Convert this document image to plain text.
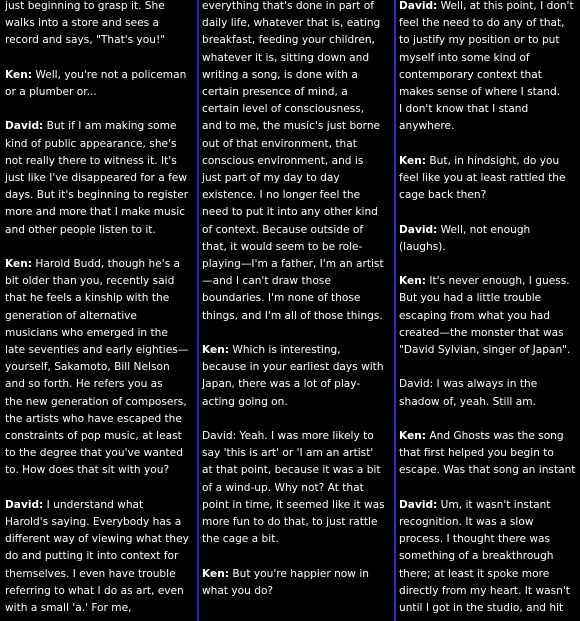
just beginning to grasp it. She
walks into a store and sees a
record and says, "That's you!"
Ken: Well, you're not a policeman
or a plumber or...
David: But if I am making some
kind of public appearance, she's
not really there to witness it. It's
just like I've disappeared for a few
days. But it's beginning to register
more and more that I make music
and other people listen to it.
Ken: Harold Budd, though he's a
bit older than you, recently said
that he feels a kinship with the
generation of alternative
musicians who emerged in the
late seventies and early eighties—
yourself, Sakamoto, Bill Nelson
and so forth. He refers you as
the new generation of composers,
the artists who have escaped the
constraints of pop music, at least
to the degree that you've wanted
to. How does that sit with you?
David: I understand what
Harold's saying. Everybody has a
different way of viewing what they
do and putting it into context for
themselves. I even have trouble
referring to what I do as art, even
with a small 'a.' For me,
everything that's done in part of
daily life, whatever that is, eating
breakfast, feeding your children,
whatever it is, sitting down and
writing a song, is done with a
certain presence of mind, a
certain level of consciousness,
and to me, the music's just borne
out of that environment, that
conscious environment, and is
just part of my day to day
existence. I no longer feel the
need to put it into any other kind
of context. Because outside of
that, it would seem to be role-
playing—I'm a father, I'm an artist
—and I can't draw those
boundaries. I'm none of those
things, and I'm all of those things.
Ken: Which is interesting,
because in your earliest days with
Japan, there was a lot of play-
acting going on.
David: Yeah. I was more likely to
say 'this is art' or 'I am an artist'
at that point, because it was a bit
of a wind-up. Why not? At that
point in time, it seemed like it was
more fun to do that, to just rattle
the cage a bit.
Ken: But you're happier now in
what you do?
David: Well, at this point, I don't
feel the need to do any of that,
to justify my position or to put
myself into some kind of
contemporary context that
makes sense of where I stand.
I don't know that I stand
anywhere.
Ken: But, in hindsight, do you
feel like you at least rattled the
cage back then?
David: Well, not enough
(laughs).
Ken: It's never enough, I guess.
But you had a little trouble
escaping from what you had
created—the monster that was
"David Sylvian, singer of Japan".
David: I was always in the
shadow of, yeah. Still am.
Ken: And Ghosts was the song
that first helped you begin to
escape. Was that song an instant
David: Um, it wasn't instant
recognition. It was a slow
process. I thought there was
something of a breakthrough
there; at least it spoke more
directly from my heart. It wasn't
until I got in the studio, and hit
